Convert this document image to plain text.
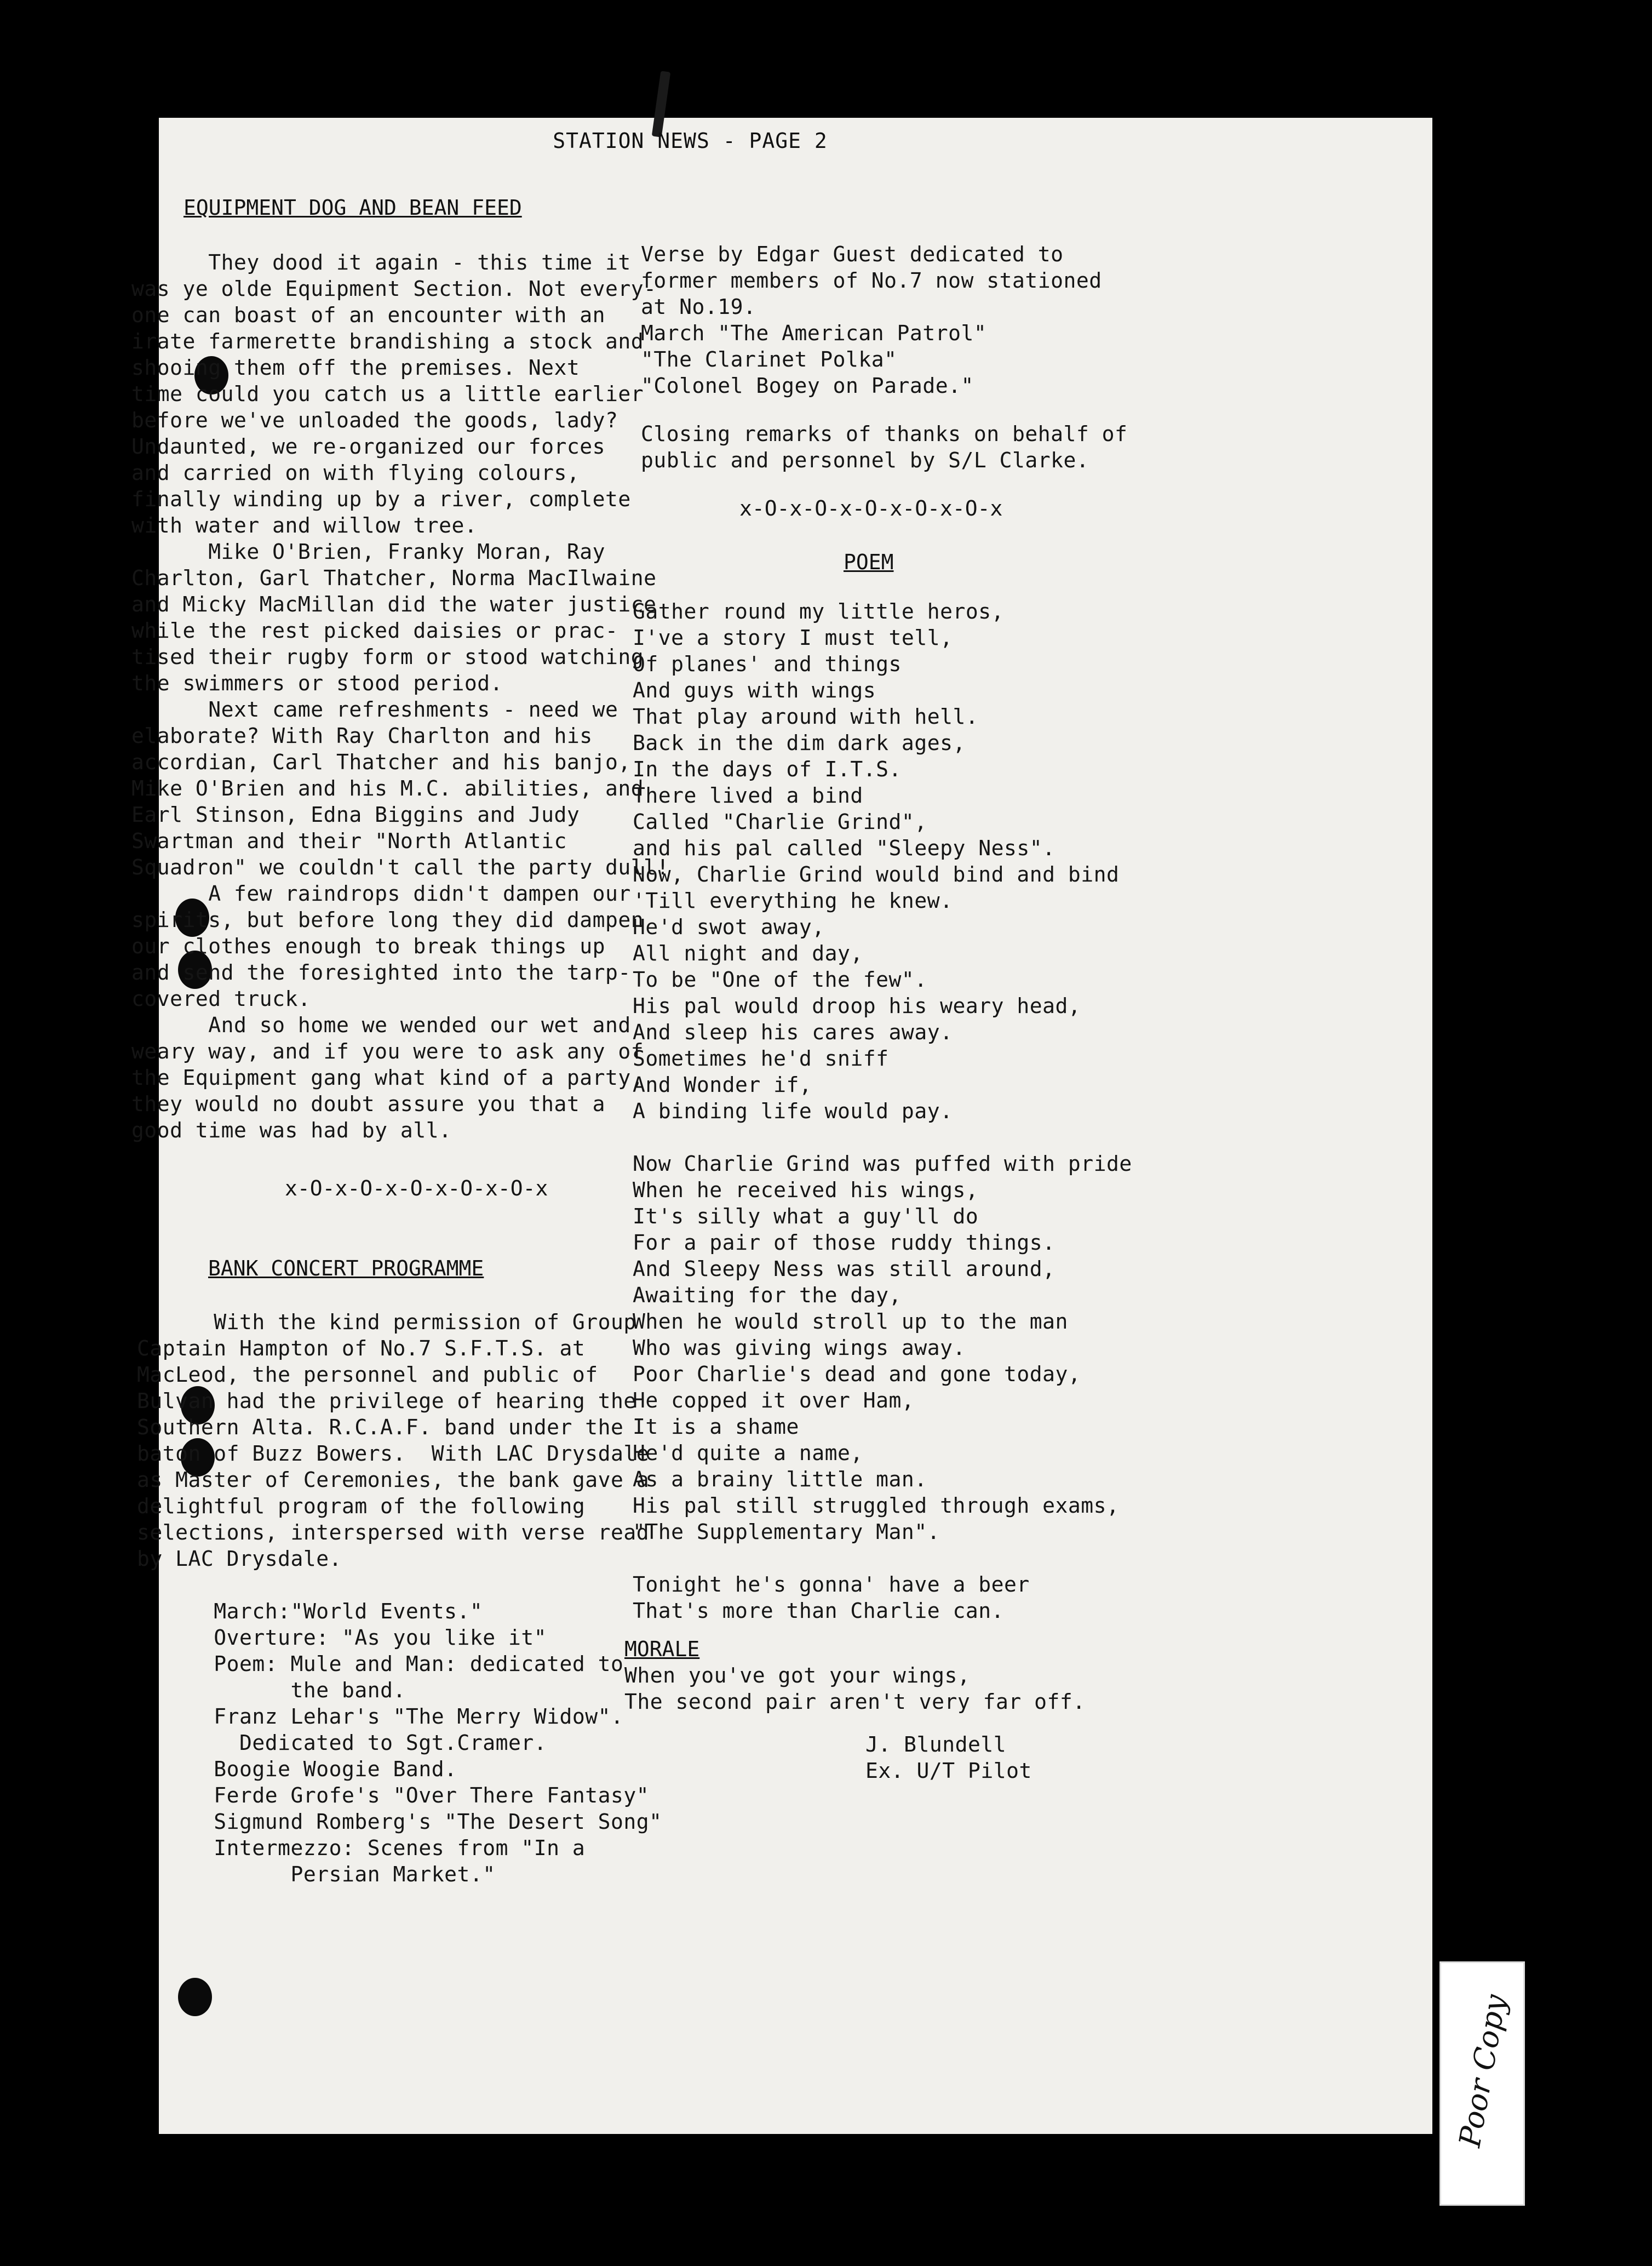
STATION NEWS - PAGE 2
EQUIPMENT DOG AND BEAN FEED
They dood it again - this time it
was ye olde Equipment Section. Not every-
one can boast of an encounter with an
irate farmerette brandishing a stock and
shooing them off the premises. Next
time could you catch us a little earlier
before we've unloaded the goods, lady?
Undaunted, we re-organized our forces
and carried on with flying colours,
finally winding up by a river, complete
with water and willow tree.
Mike O'Brien, Franky Moran, Ray
Charlton, Garl Thatcher, Norma MacIlwaine
and Micky MacMillan did the water justice
while the rest picked daisies or prac-
tised their rugby form or stood watching
the swimmers or stood period.
Next came refreshments - need we
elaborate? With Ray Charlton and his
accordian, Carl Thatcher and his banjo,
Mike O'Brien and his M.C. abilities, and
Earl Stinson, Edna Biggins and Judy
Swartman and their "North Atlantic
Squadron" we couldn't call the party dull!
A few raindrops didn't dampen our
spirits, but before long they did dampen
our clothes enough to break things up
and send the foresighted into the tarp-
covered truck.
And so home we wended our wet and
weary way, and if you were to ask any of
the Equipment gang what kind of a party,
they would no doubt assure you that a
good time was had by all.
x-O-x-O-x-O-x-O-x-O-x
BANK CONCERT PROGRAMME
With the kind permission of Group
Captain Hampton of No.7 S.F.T.S. at
MacLeod, the personnel and public of
Bulvan had the privilege of hearing the
Southern Alta. R.C.A.F. band under the
baton of Buzz Bowers.  With LAC Drysdale
as Master of Ceremonies, the bank gave a
delightful program of the following
selections, interspersed with verse read
by LAC Drysdale.
March:"World Events."
Overture: "As you like it"
Poem: Mule and Man: dedicated to
the band.
Franz Lehar's "The Merry Widow".
Dedicated to Sgt.Cramer.
Boogie Woogie Band.
Ferde Grofe's "Over There Fantasy"
Sigmund Romberg's "The Desert Song"
Intermezzo: Scenes from "In a
Persian Market."
Verse by Edgar Guest dedicated to
former members of No.7 now stationed
at No.19.
March "The American Patrol"
"The Clarinet Polka"
"Colonel Bogey on Parade."
Closing remarks of thanks on behalf of
public and personnel by S/L Clarke.
x-O-x-O-x-O-x-O-x-O-x
POEM
Gather round my little heros,
I've a story I must tell,
Of planes' and things
And guys with wings
That play around with hell.
Back in the dim dark ages,
In the days of I.T.S.
There lived a bind
Called "Charlie Grind",
and his pal called "Sleepy Ness".
Now, Charlie Grind would bind and bind
'Till everything he knew.
He'd swot away,
All night and day,
To be "One of the few".
His pal would droop his weary head,
And sleep his cares away.
Sometimes he'd sniff
And Wonder if,
A binding life would pay.
Now Charlie Grind was puffed with pride
When he received his wings,
It's silly what a guy'll do
For a pair of those ruddy things.
And Sleepy Ness was still around,
Awaiting for the day,
When he would stroll up to the man
Who was giving wings away.
Poor Charlie's dead and gone today,
He copped it over Ham,
It is a shame
He'd quite a name,
As a brainy little man.
His pal still struggled through exams,
"The Supplementary Man".
Tonight he's gonna' have a beer
That's more than Charlie can.
MORALE
When you've got your wings,
The second pair aren't very far off.
J. Blundell
Ex. U/T Pilot
Poor Copy
